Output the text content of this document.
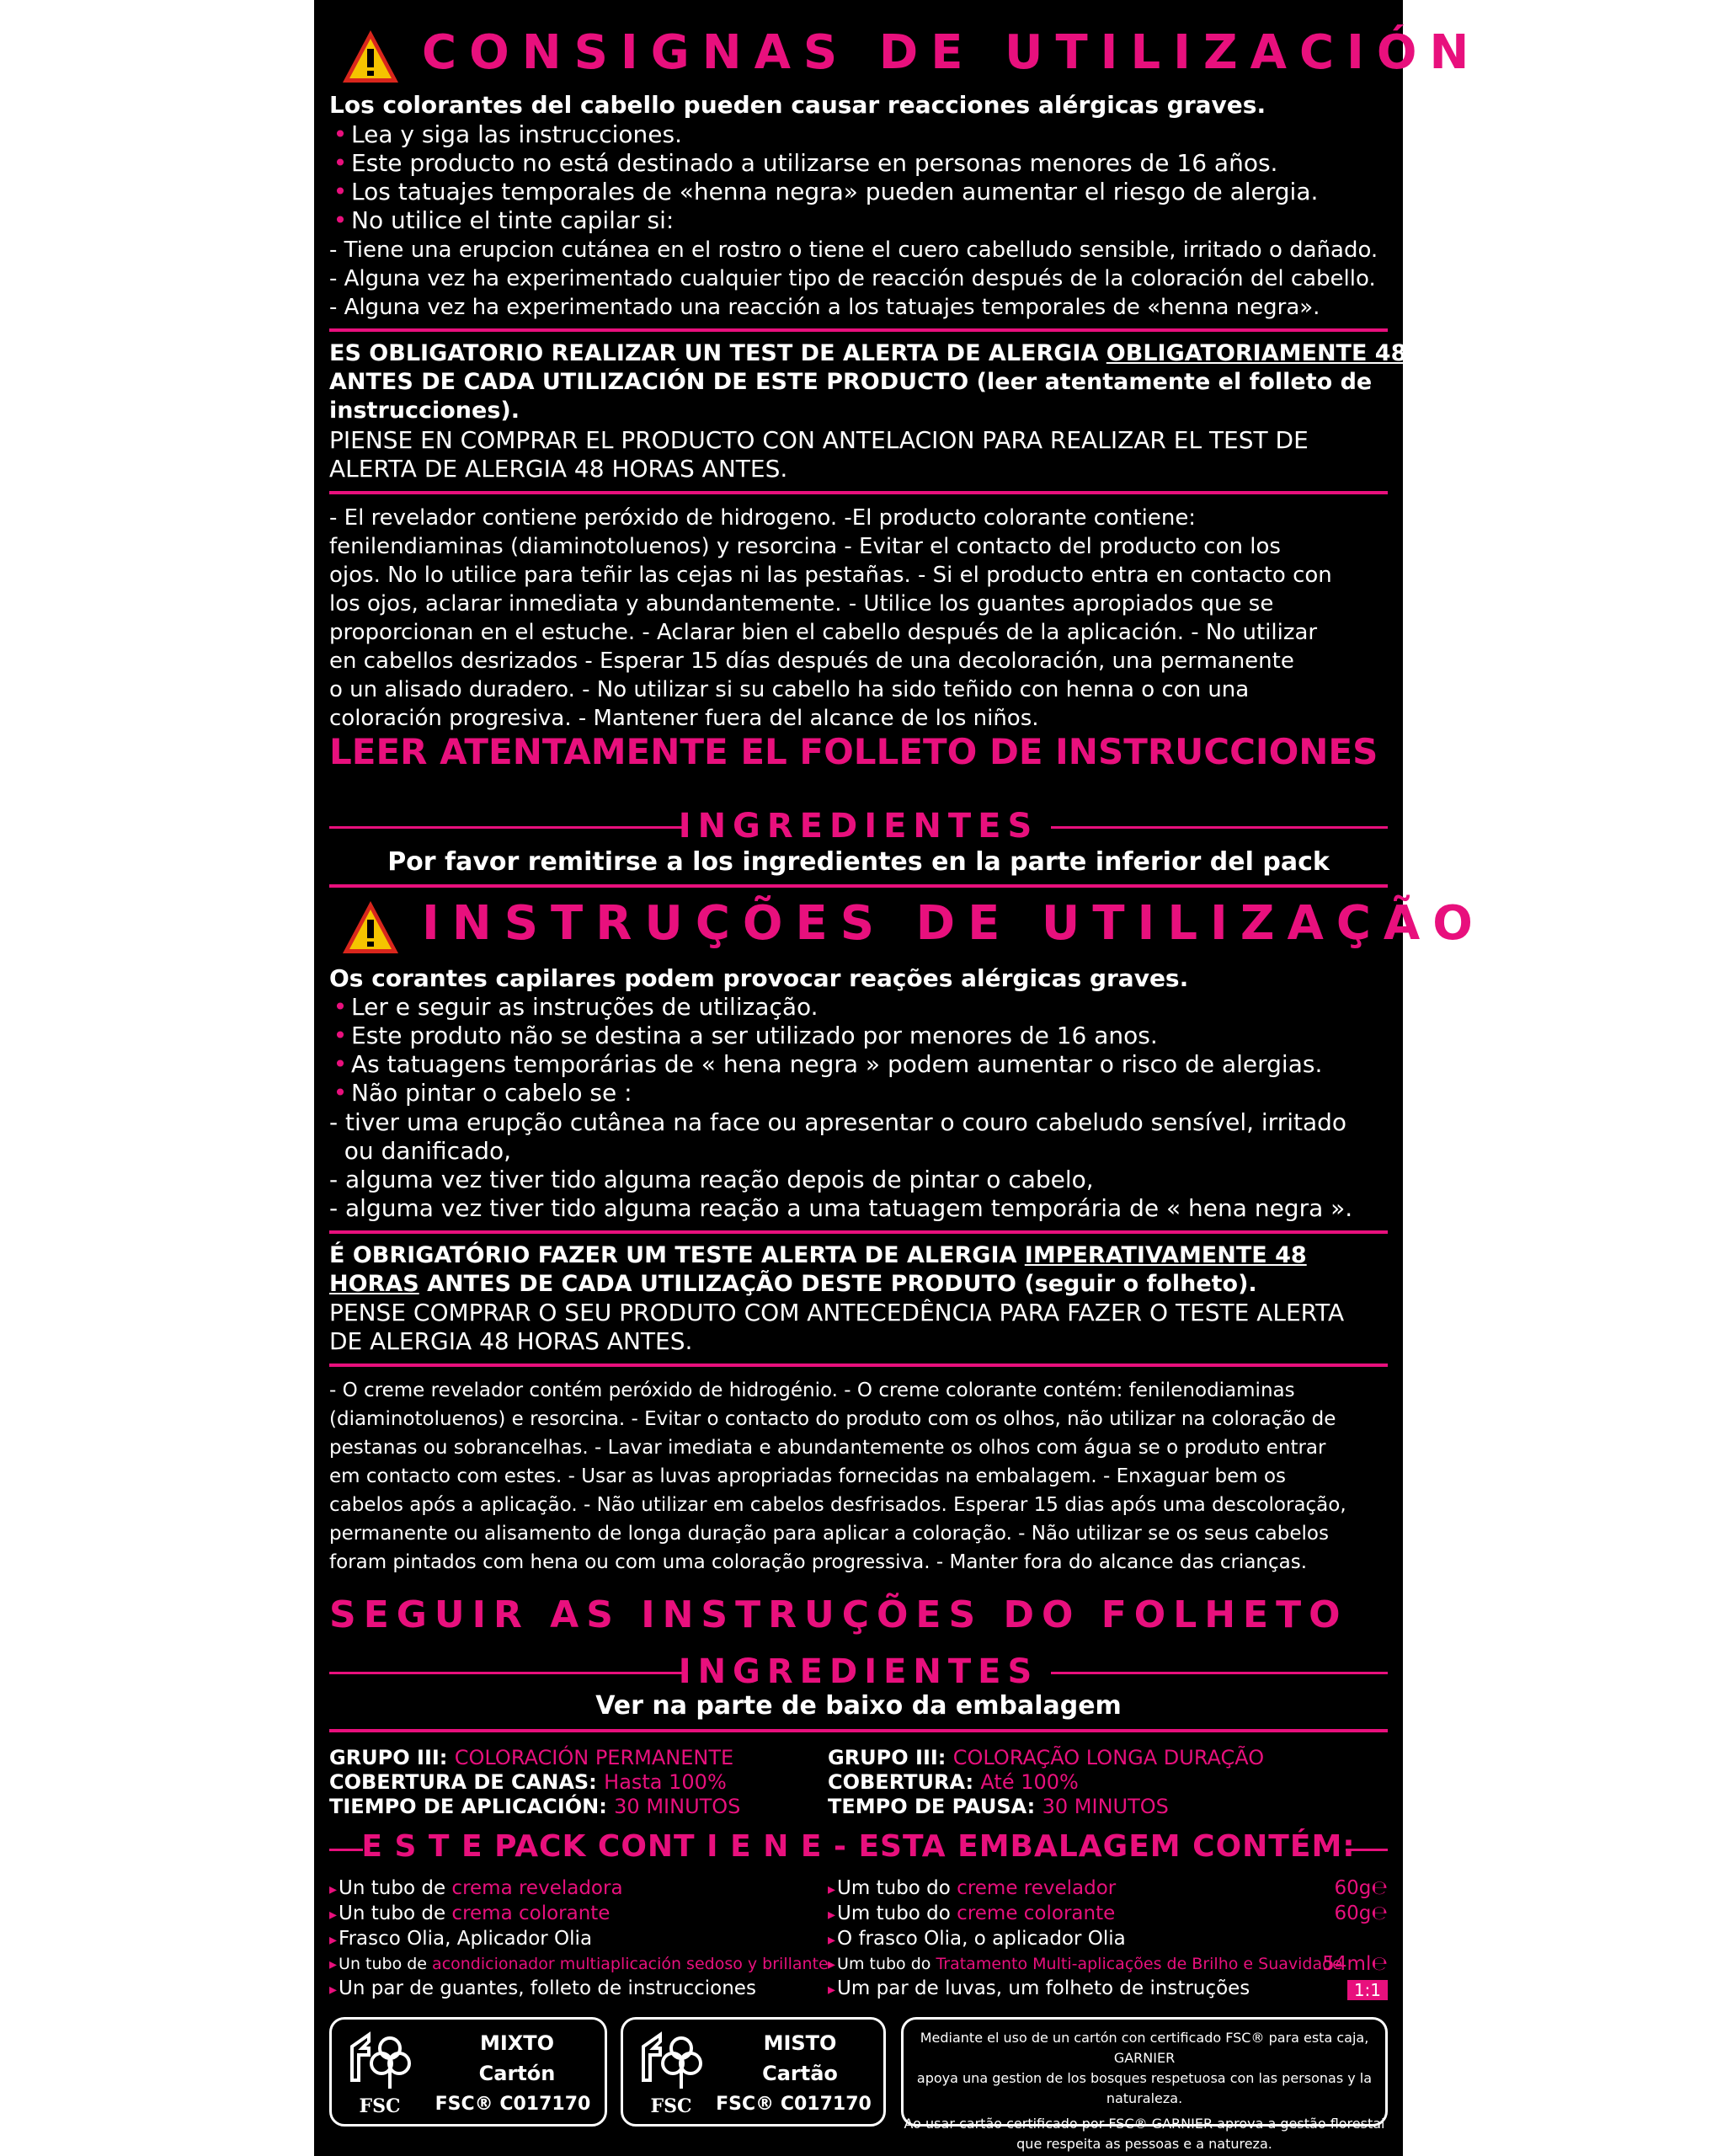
CONSIGNAS DE UTILIZACIÓN
Los colorantes del cabello pueden causar reacciones alérgicas graves.
• Lea y siga las instrucciones.
• Este producto no está destinado a utilizarse en personas menores de 16 años.
• Los tatuajes temporales de «henna negra» pueden aumentar el riesgo de alergia.
• No utilice el tinte capilar si:
- Tiene una erupcion cutánea en el rostro o tiene el cuero cabelludo sensible, irritado o dañado.
- Alguna vez ha experimentado cualquier tipo de reacción después de la coloración del cabello.
- Alguna vez ha experimentado una reacción a los tatuajes temporales de «henna negra».
ES OBLIGATORIO REALIZAR UN TEST DE ALERTA DE ALERGIA OBLIGATORIAMENTE 48H
ANTES DE CADA UTILIZACIÓN DE ESTE PRODUCTO (leer atentamente el folleto de
instrucciones).
PIENSE EN COMPRAR EL PRODUCTO CON ANTELACION PARA REALIZAR EL TEST DE
ALERTA DE ALERGIA 48 HORAS ANTES.
- El revelador contiene peróxido de hidrogeno. -El producto colorante contiene:
fenilendiaminas (diaminotoluenos) y resorcina - Evitar el contacto del producto con los
ojos. No lo utilice para teñir las cejas ni las pestañas. - Si el producto entra en contacto con
los ojos, aclarar inmediata y abundantemente. - Utilice los guantes apropiados que se
proporcionan en el estuche. - Aclarar bien el cabello después de la aplicación. - No utilizar
en cabellos desrizados - Esperar 15 días después de una decoloración, una permanente
o un alisado duradero. - No utilizar si su cabello ha sido teñido con henna o con una
coloración progresiva. - Mantener fuera del alcance de los niños.
LEER ATENTAMENTE EL FOLLETO DE INSTRUCCIONES
INGREDIENTES
Por favor remitirse a los ingredientes en la parte inferior del pack
INSTRUÇÕES DE UTILIZAÇÃO
Os corantes capilares podem provocar reações alérgicas graves.
• Ler e seguir as instruções de utilização.
• Este produto não se destina a ser utilizado por menores de 16 anos.
• As tatuagens temporárias de « hena negra » podem aumentar o risco de alergias.
• Não pintar o cabelo se :
- tiver uma erupção cutânea na face ou apresentar o couro cabeludo sensível, irritado
ou danificado,
- alguma vez tiver tido alguma reação depois de pintar o cabelo,
- alguma vez tiver tido alguma reação a uma tatuagem temporária de « hena negra ».
É OBRIGATÓRIO FAZER UM TESTE ALERTA DE ALERGIA IMPERATIVAMENTE 48
HORAS ANTES DE CADA UTILIZAÇÃO DESTE PRODUTO (seguir o folheto).
PENSE COMPRAR O SEU PRODUTO COM ANTECEDÊNCIA PARA FAZER O TESTE ALERTA
DE ALERGIA 48 HORAS ANTES.
- O creme revelador contém peróxido de hidrogénio. - O creme colorante contém: fenilenodiaminas
(diaminotoluenos) e resorcina. - Evitar o contacto do produto com os olhos, não utilizar na coloração de
pestanas ou sobrancelhas. - Lavar imediata e abundantemente os olhos com água se o produto entrar
em contacto com estes. - Usar as luvas apropriadas fornecidas na embalagem. - Enxaguar bem os
cabelos após a aplicação. - Não utilizar em cabelos desfrisados. Esperar 15 dias após uma descoloração,
permanente ou alisamento de longa duração para aplicar a coloração. - Não utilizar se os seus cabelos
foram pintados com hena ou com uma coloração progressiva. - Manter fora do alcance das crianças.
SEGUIR AS INSTRUÇÕES DO FOLHETO
INGREDIENTES
Ver na parte de baixo da embalagem
GRUPO III: COLORACIÓN PERMANENTE
COBERTURA DE CANAS: Hasta 100%
TIEMPO DE APLICACIÓN: 30 MINUTOS
GRUPO III: COLORAÇÃO LONGA DURAÇÃO
COBERTURA: Até 100%
TEMPO DE PAUSA: 30 MINUTOS
E S T E PACK CONT I E N E - ESTA EMBALAGEM CONTÉM:
▸Un tubo de crema reveladora
▸Un tubo de crema colorante
▸Frasco Olia, Aplicador Olia
▸ Un tubo de acondicionador multiaplicación sedoso y brillante
▸Un par de guantes, folleto de instrucciones
▸Um tubo do creme revelador	60g℮
▸Um tubo do creme colorante	60g℮
▸O frasco Olia, o aplicador Olia
▸ Um tubo do Tratamento Multi-aplicações de Brilho e Suavidade
54ml℮
▸Um par de luvas, um folheto de instruções	1:1
FSC
MIXTO
Cartón
FSC® C017170	FSC
MISTO
Cartão
FSC® C017170
Mediante el uso de un cartón con certificado FSC® para esta caja, GARNIER
apoya una gestion de los bosques respetuosa con las personas y la naturaleza.
Ao usar cartão certificado por FSC® GARNIER aprova a gestão florestal
que respeita as pessoas e a natureza.
